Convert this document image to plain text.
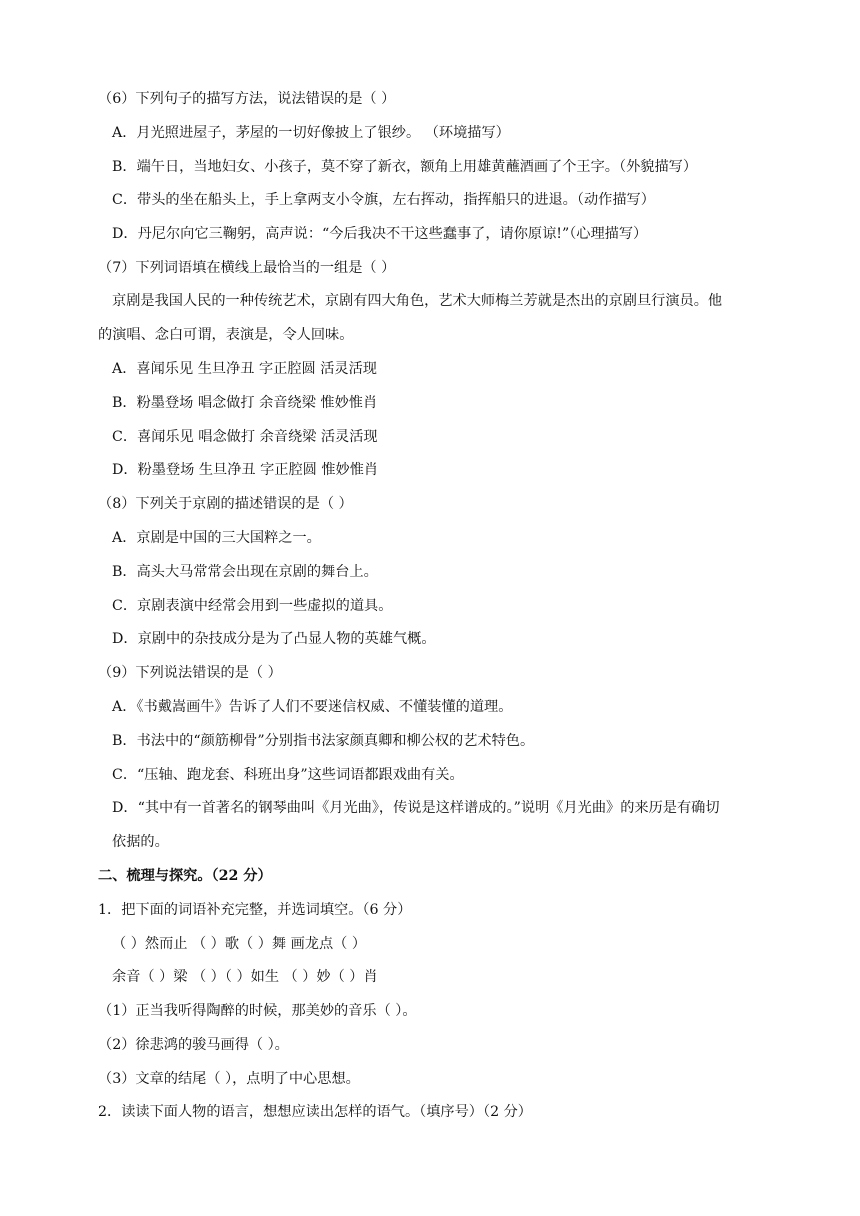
（6）下列句子的描写方法，说法错误的是（ ）
A．月光照进屋子，茅屋的一切好像披上了银纱。 （环境描写）
B．端午日，当地妇女、小孩子，莫不穿了新衣，额角上用雄黄蘸酒画了个王字。（外貌描写）
C．带头的坐在船头上，手上拿两支小令旗，左右挥动，指挥船只的进退。（动作描写）
D．丹尼尔向它三鞠躬，高声说：“今后我决不干这些蠢事了，请你原谅!”（心理描写）
（7）下列词语填在横线上最恰当的一组是（ ）
京剧是我国人民的一种传统艺术，京剧有四大角色，艺术大师梅兰芳就是杰出的京剧旦行演员。他
的演唱、念白可谓，表演是，令人回味。
A．喜闻乐见 生旦净丑 字正腔圆 活灵活现
B．粉墨登场 唱念做打 余音绕梁 惟妙惟肖
C．喜闻乐见 唱念做打 余音绕梁 活灵活现
D．粉墨登场 生旦净丑 字正腔圆 惟妙惟肖
（8）下列关于京剧的描述错误的是（ ）
A．京剧是中国的三大国粹之一。
B．高头大马常常会出现在京剧的舞台上。
C．京剧表演中经常会用到一些虚拟的道具。
D．京剧中的杂技成分是为了凸显人物的英雄气概。
（9）下列说法错误的是（ ）
A．《书戴嵩画牛》告诉了人们不要迷信权威、不懂装懂的道理。
B．书法中的“颜筋柳骨”分别指书法家颜真卿和柳公权的艺术特色。
C．“压轴、跑龙套、科班出身”这些词语都跟戏曲有关。
D．“其中有一首著名的钢琴曲叫《月光曲》，传说是这样谱成的。”说明《月光曲》的来历是有确切
依据的。
二、梳理与探究。（22 分）
1．把下面的词语补充完整，并选词填空。（6 分）
（ ）然而止 （ ）歌（ ）舞 画龙点（ ）
余音（ ）梁 （ ）（ ）如生 （ ）妙（ ）肖
（1）正当我听得陶醉的时候，那美妙的音乐（ ）。
（2）徐悲鸿的骏马画得（ ）。
（3）文章的结尾（ ），点明了中心思想。
2．读读下面人物的语言，想想应读出怎样的语气。（填序号）（2 分）
